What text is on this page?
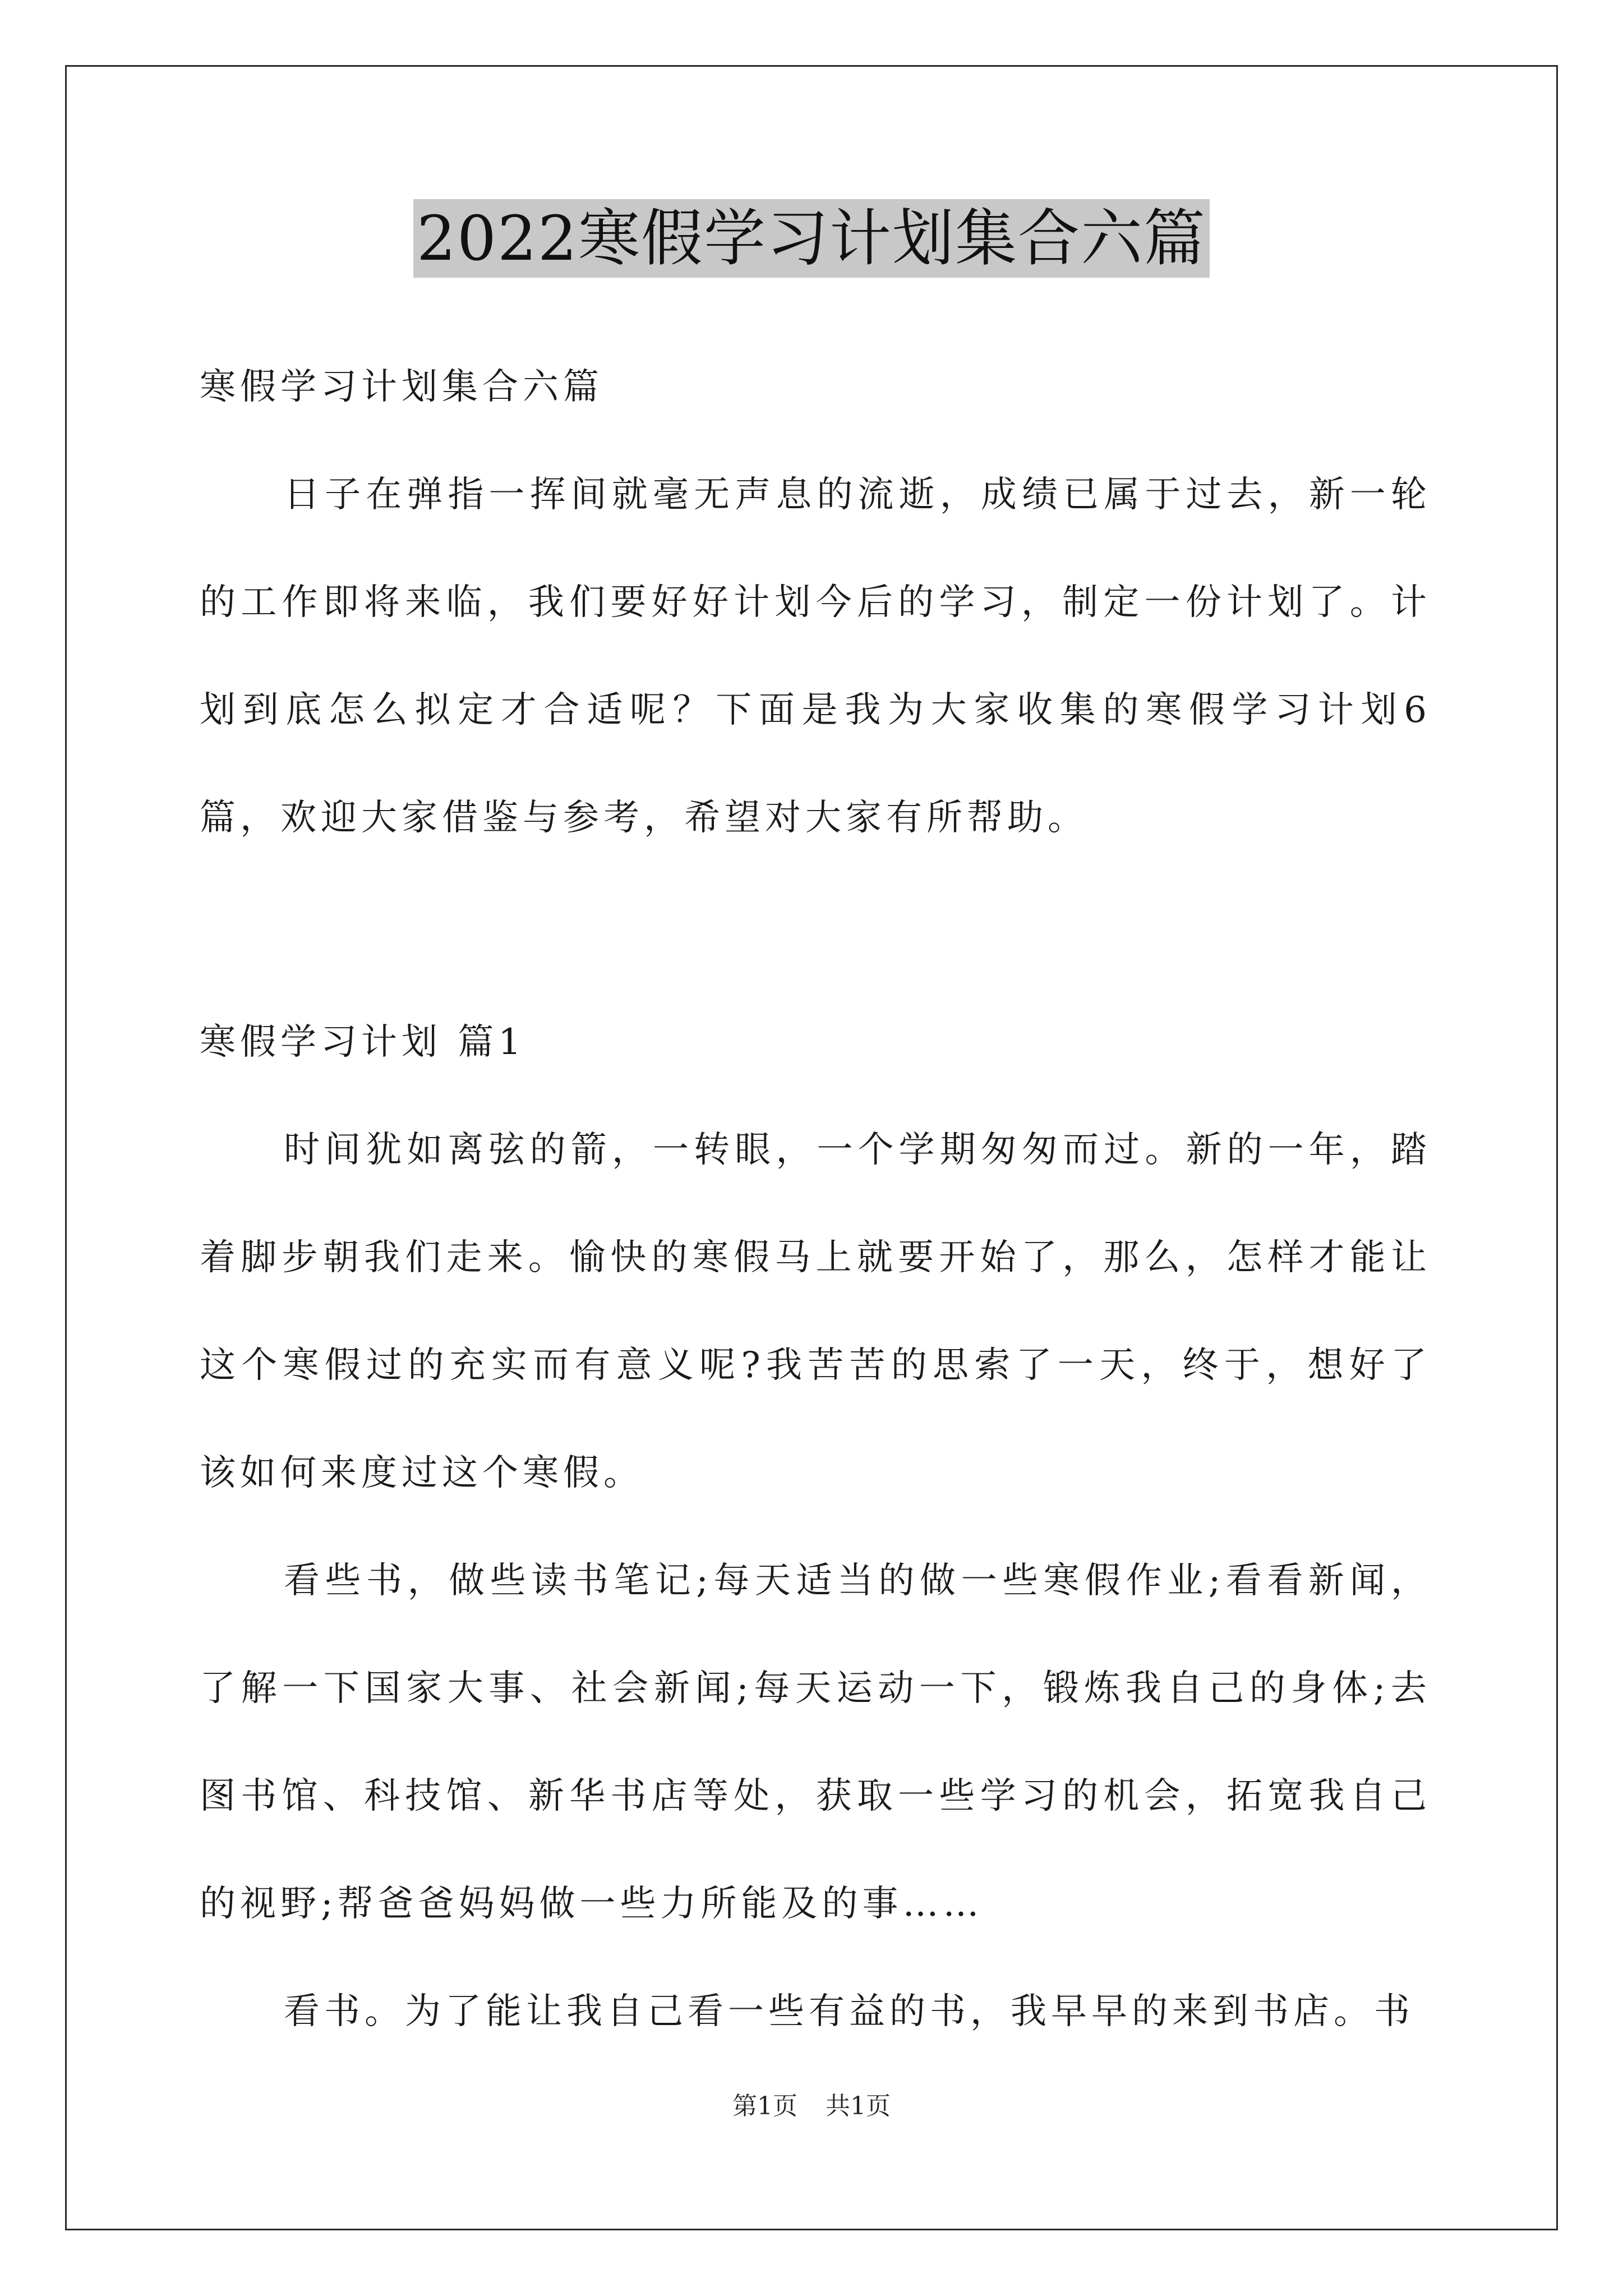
2022寒假学习计划集合六篇

寒假学习计划集合六篇

日子在弹指一挥间就毫无声息的流逝，成绩已属于过去，新一轮的工作即将来临，我们要好好计划今后的学习，制定一份计划了。计划到底怎么拟定才合适呢？下面是我为大家收集的寒假学习计划6篇，欢迎大家借鉴与参考，希望对大家有所帮助。

寒假学习计划 篇1

时间犹如离弦的箭，一转眼，一个学期匆匆而过。新的一年，踏着脚步朝我们走来。愉快的寒假马上就要开始了，那么，怎样才能让这个寒假过的充实而有意义呢?我苦苦的思索了一天，终于，想好了该如何来度过这个寒假。

看些书，做些读书笔记;每天适当的做一些寒假作业;看看新闻，了解一下国家大事、社会新闻;每天运动一下，锻炼我自己的身体;去图书馆、科技馆、新华书店等处，获取一些学习的机会，拓宽我自己的视野;帮爸爸妈妈做一些力所能及的事……

看书。为了能让我自己看一些有益的书，我早早的来到书店。书

第1页 共1页
